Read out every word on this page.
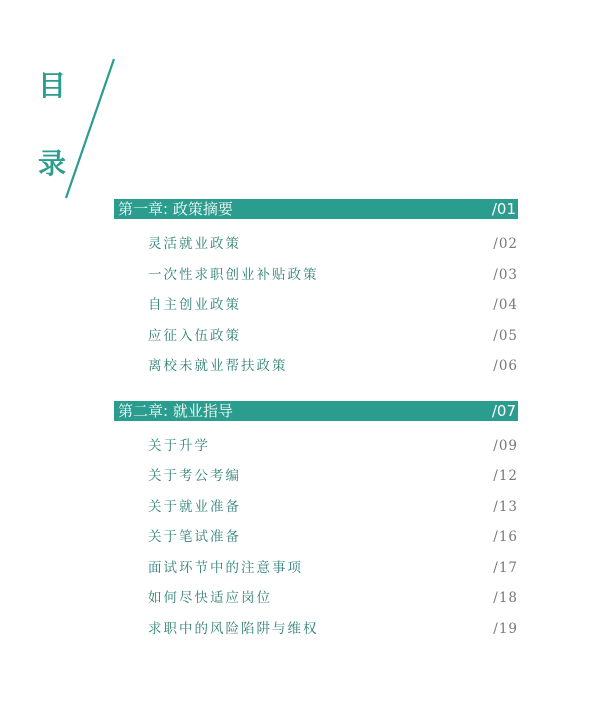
目
录
第一章: 政策摘要	/01
灵活就业政策	/02
一次性求职创业补贴政策	/03
自主创业政策	/04
应征入伍政策	/05
离校未就业帮扶政策	/06
第二章: 就业指导	/07
关于升学	/09
关于考公考编	/12
关于就业准备	/13
关于笔试准备	/16
面试环节中的注意事项	/17
如何尽快适应岗位	/18
求职中的风险陷阱与维权	/19
